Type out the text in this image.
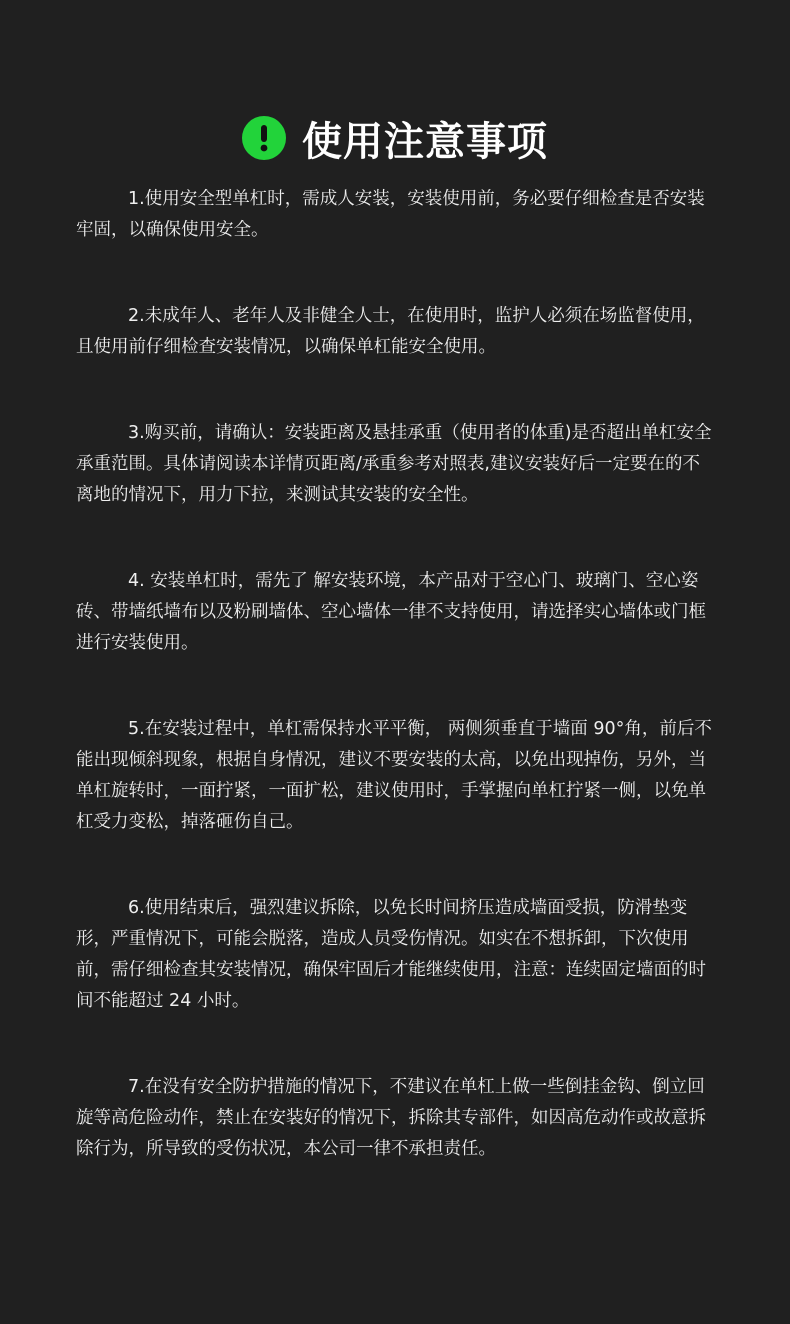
使用注意事项

1.使用安全型单杠时，需成人安装，安装使用前，务必要仔细检查是否安装牢固，以确保使用安全。

2.未成年人、老年人及非健全人士，在使用时，监护人必须在场监督使用，且使用前仔细检查安装情况，以确保单杠能安全使用。

3.购买前，请确认：安装距离及悬挂承重（使用者的体重)是否超出单杠安全承重范围。具体请阅读本详情页距离/承重参考对照表,建议安装好后一定要在的不离地的情况下，用力下拉，来测试其安装的安全性。

4. 安装单杠时，需先了 解安装环境，本产品对于空心门、玻璃门、空心姿砖、带墙纸墙布以及粉刷墙体、空心墙体一律不支持使用，请选择实心墙体或门框进行安装使用。

5.在安装过程中，单杠需保持水平平衡， 两侧须垂直于墙面 90°角，前后不能出现倾斜现象，根据自身情况，建议不要安装的太高，以免出现掉伤，另外，当单杠旋转时，一面拧紧，一面扩松，建议使用时，手掌握向单杠拧紧一侧，以免单杠受力变松，掉落砸伤自己。

6.使用结束后，强烈建议拆除，以免长时间挤压造成墙面受损，防滑垫变形，严重情况下，可能会脱落，造成人员受伤情况。如实在不想拆卸，下次使用前，需仔细检查其安装情况，确保牢固后才能继续使用，注意：连续固定墙面的时间不能超过 24 小时。

7.在没有安全防护措施的情况下，不建议在单杠上做一些倒挂金钩、倒立回旋等高危险动作，禁止在安装好的情况下，拆除其专部件，如因高危动作或故意拆除行为，所导致的受伤状况，本公司一律不承担责任。
